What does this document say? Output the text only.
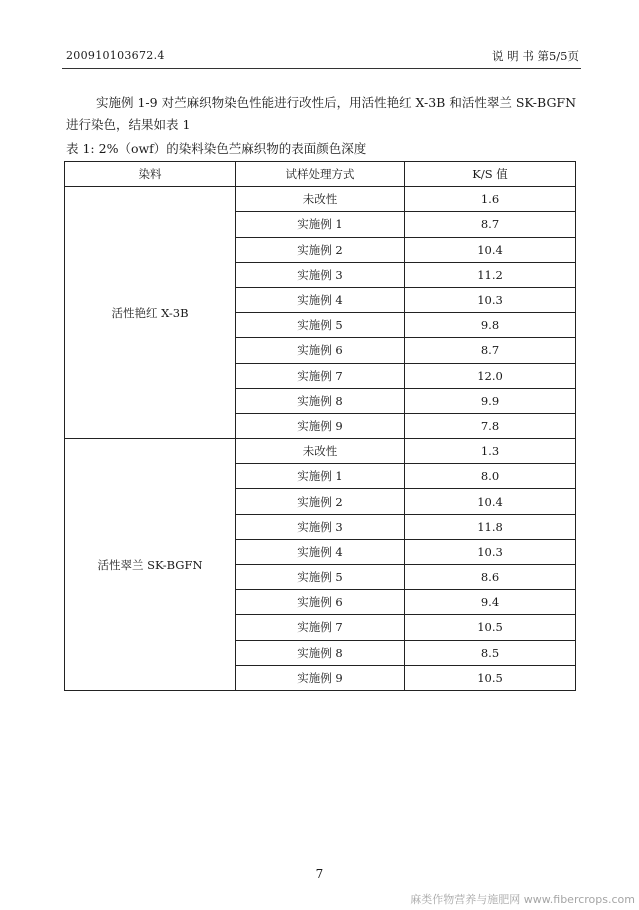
200910103672.4	说 明 书 第5/5页
实施例 1-9 对苎麻织物染色性能进行改性后，用活性艳红 X-3B 和活性翠兰 SK-BGFN 进行染色，结果如表 1
表 1: 2%（owf）的染料染色苎麻织物的表面颜色深度
染料	试样处理方式	K/S 值
活性艳红 X-3B	未改性	1.6
	实施例 1	8.7
	实施例 2	10.4
	实施例 3	11.2
	实施例 4	10.3
	实施例 5	9.8
	实施例 6	8.7
	实施例 7	12.0
	实施例 8	9.9
	实施例 9	7.8
活性翠兰 SK-BGFN	未改性	1.3
	实施例 1	8.0
	实施例 2	10.4
	实施例 3	11.8
	实施例 4	10.3
	实施例 5	8.6
	实施例 6	9.4
	实施例 7	10.5
	实施例 8	8.5
	实施例 9	10.5
7
麻类作物营养与施肥网 www.fibercrops.com
